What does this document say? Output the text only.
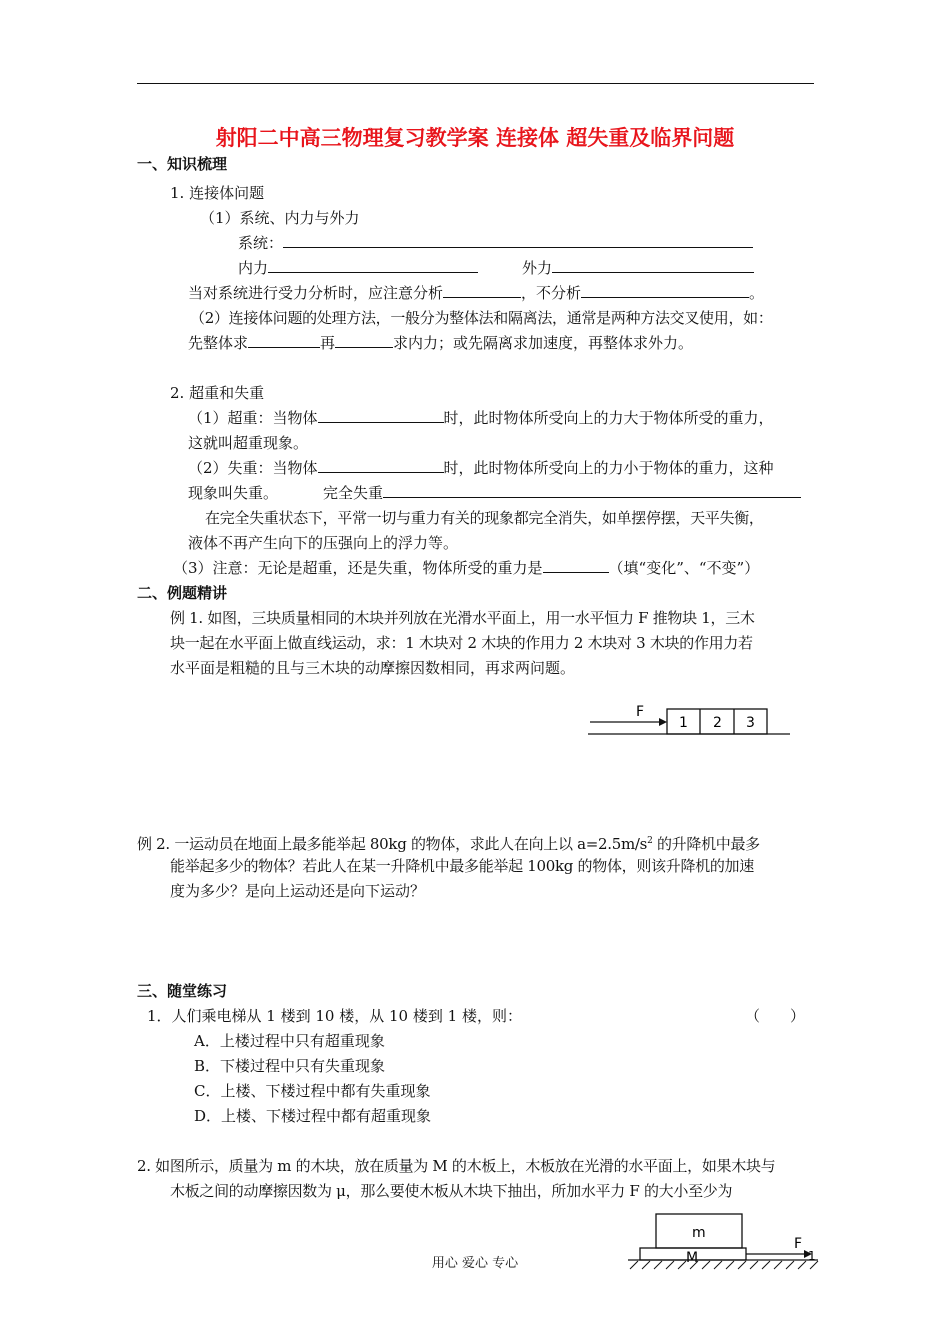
射阳二中高三物理复习教学案 连接体 超失重及临界问题
一、知识梳理
1. 连接体问题
（1）系统、内力与外力
系统：
内力	外力
当对系统进行受力分析时，应注意分析	，不分析	。
（2）连接体问题的处理方法，一般分为整体法和隔离法，通常是两种方法交叉使用，如：
先整体求	再	求内力；或先隔离求加速度，再整体求外力。
2. 超重和失重
（1）超重：当物体	时，此时物体所受向上的力大于物体所受的重力，
这就叫超重现象。
（2）失重：当物体	时，此时物体所受向上的力小于物体的重力，这种
现象叫失重。	完全失重
在完全失重状态下，平常一切与重力有关的现象都完全消失，如单摆停摆，天平失衡，
液体不再产生向下的压强向上的浮力等。
（3）注意：无论是超重，还是失重，物体所受的重力是	（填“变化”、“不变”）
二、例题精讲
例 1. 如图，三块质量相同的木块并列放在光滑水平面上，用一水平恒力 F 推物块 1，三木
块一起在水平面上做直线运动，求：1 木块对 2 木块的作用力 2 木块对 3 木块的作用力若
水平面是粗糙的且与三木块的动摩擦因数相同，再求两问题。
F
1 2 3
例 2. 一运动员在地面上最多能举起 80kg 的物体，求此人在向上以 $a=2.5m/s^2$ 的升降机中最多
能举起多少的物体？若此人在某一升降机中最多能举起 100kg 的物体，则该升降机的加速
度为多少？是向上运动还是向下运动？
三、随堂练习
1．人们乘电梯从 1 楼到 10 楼，从 10 楼到 1 楼，则：	（　　）
A．上楼过程中只有超重现象
B．下楼过程中只有失重现象
C．上楼、下楼过程中都有失重现象
D．上楼、下楼过程中都有超重现象
2. 如图所示，质量为 m 的木块，放在质量为 M 的木板上，木板放在光滑的水平面上，如果木块与
木板之间的动摩擦因数为 μ，那么要使木板从木块下抽出，所加水平力 F 的大小至少为
m
M
F
1
用心 爱心 专心
